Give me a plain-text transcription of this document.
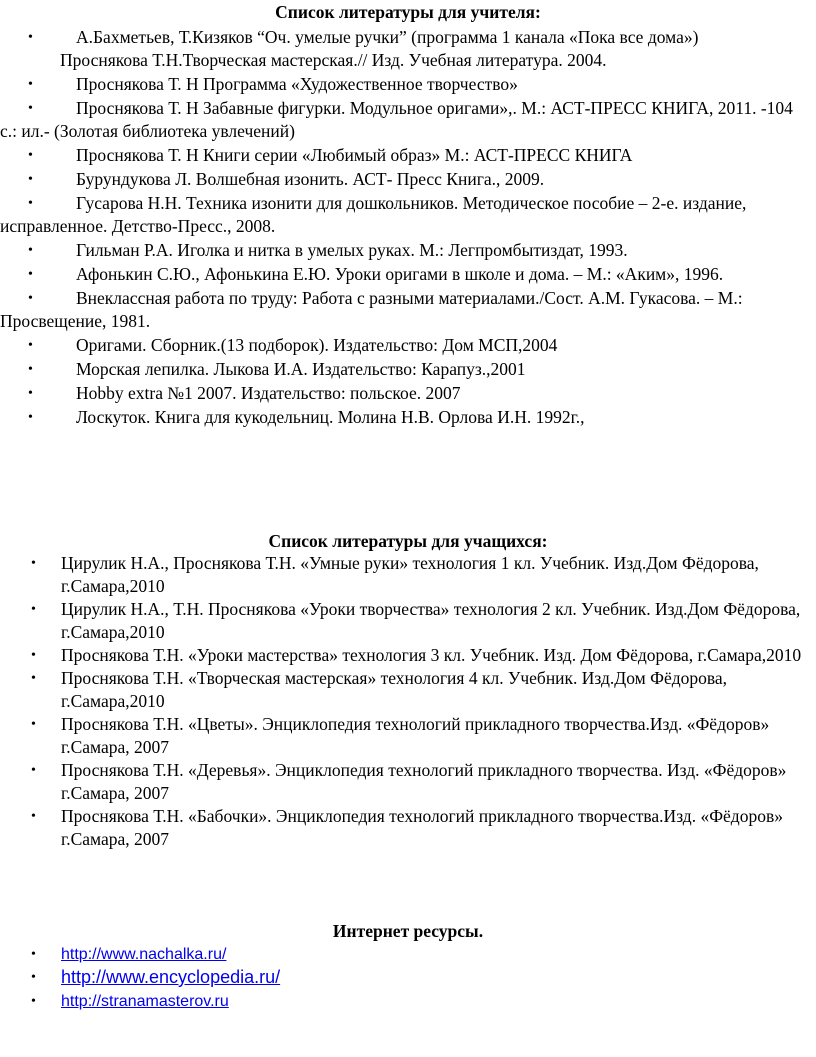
Список литературы для учителя:
• А.Бахметьев, Т.Кизяков “Оч. умелые ручки” (программа 1 канала «Пока все дома»)
Проснякова Т.Н.Творческая мастерская.// Изд. Учебная литература. 2004.
• Проснякова Т. Н Программа «Художественное творчество»
•	Проснякова Т. Н Забавные фигурки. Модульное оригами»,. М.: АСТ-ПРЕСС КНИГА, 2011. -104 с.: ил.- (Золотая библиотека увлечений)
• Проснякова Т. Н Книги серии «Любимый образ» М.: АСТ-ПРЕСС КНИГА
• Бурундукова Л. Волшебная изонить. АСТ- Пресс Книга., 2009.
•	Гусарова Н.Н. Техника изонити для дошкольников. Методическое пособие – 2-е. издание, исправленное. Детство-Пресс., 2008.
• Гильман Р.А. Иголка и нитка в умелых руках. М.: Легпромбытиздат, 1993.
•	Афонькин С.Ю., Афонькина Е.Ю. Уроки оригами в школе и дома. – М.: «Аким», 1996.
•	Внеклассная работа по труду: Работа с разными материалами./Сост. А.М. Гукасова. – М.: Просвещение, 1981.
• Оригами. Сборник.(13 подборок). Издательство: Дом МСП,2004
• Морская лепилка. Лыкова И.А. Издательство: Карапуз.,2001
• Hobby extra №1 2007. Издательство: польское. 2007
• Лоскуток. Книга для кукодельниц. Молина Н.В. Орлова И.Н. 1992г.,
Список литературы для учащихся:
• Цирулик Н.А., Проснякова Т.Н. «Умные руки» технология 1 кл. Учебник. Изд.Дом Фёдорова, г.Самара,2010
• Цирулик Н.А., Т.Н. Проснякова «Уроки творчества» технология 2 кл. Учебник. Изд.Дом Фёдорова, г.Самара,2010
• Проснякова Т.Н. «Уроки мастерства» технология 3 кл. Учебник. Изд. Дом Фёдорова, г.Самара,2010
• Проснякова Т.Н. «Творческая мастерская» технология 4 кл. Учебник. Изд.Дом Фёдорова, г.Самара,2010
• Проснякова Т.Н. «Цветы». Энциклопедия технологий прикладного творчества.Изд. «Фёдоров» г.Самара, 2007
• Проснякова Т.Н. «Деревья». Энциклопедия технологий прикладного творчества. Изд. «Фёдоров» г.Самара, 2007
• Проснякова Т.Н. «Бабочки». Энциклопедия технологий прикладного творчества.Изд. «Фёдоров» г.Самара, 2007
Интернет ресурсы.
• http://www.nachalka.ru/
• http://www.encyclopedia.ru/
• http://stranamasterov.ru
